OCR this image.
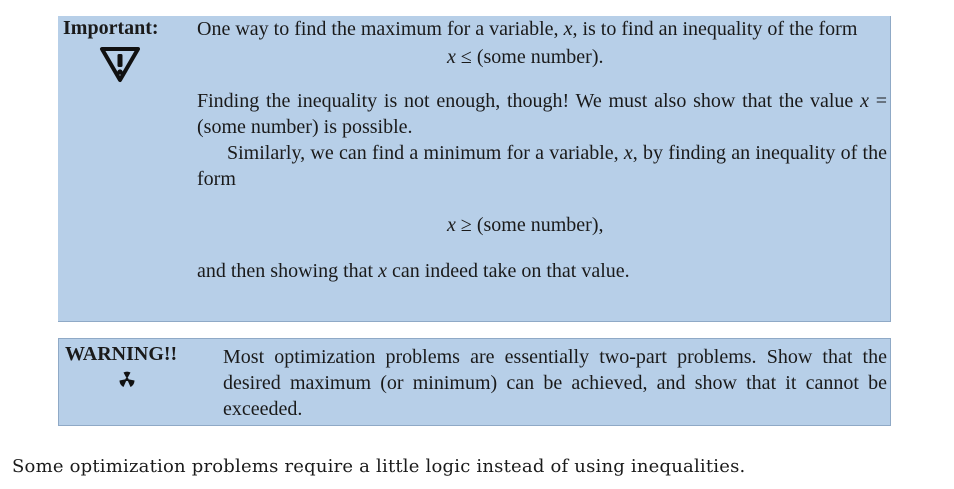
Important: One way to find the maximum for a variable, x, is to find an inequality of the form

x ≤ (some number).

Finding the inequality is not enough, though! We must also show that the value x = (some number) is possible.

Similarly, we can find a minimum for a variable, x, by finding an inequality of the form

x ≥ (some number),

and then showing that x can indeed take on that value.

WARNING!! Most optimization problems are essentially two-part problems. Show that the desired maximum (or minimum) can be achieved, and show that it cannot be exceeded.
Some optimization problems require a little logic instead of using inequalities.
